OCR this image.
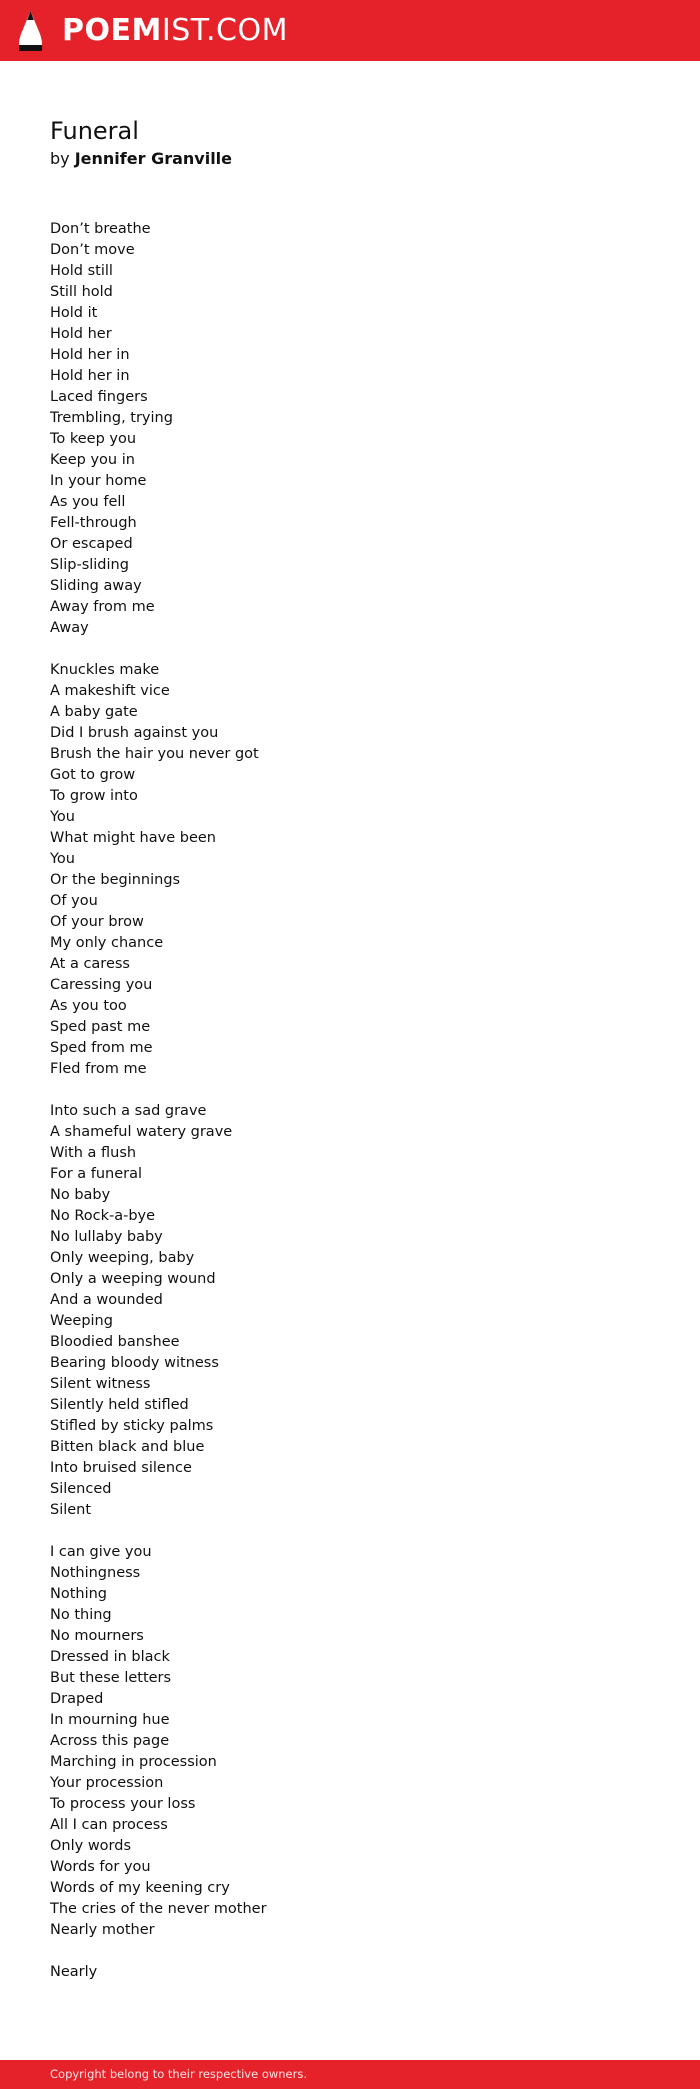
POEMIST.COM
Funeral
by Jennifer Granville
Don’t breathe
Don’t move
Hold still
Still hold
Hold it
Hold her
Hold her in
Hold her in
Laced fingers
Trembling, trying
To keep you
Keep you in
In your home
As you fell
Fell-through
Or escaped
Slip-sliding
Sliding away
Away from me
Away
Knuckles make
A makeshift vice
A baby gate
Did I brush against you
Brush the hair you never got
Got to grow
To grow into
You
What might have been
You
Or the beginnings
Of you
Of your brow
My only chance
At a caress
Caressing you
As you too
Sped past me
Sped from me
Fled from me
Into such a sad grave
A shameful watery grave
With a flush
For a funeral
No baby
No Rock-a-bye
No lullaby baby
Only weeping, baby
Only a weeping wound
And a wounded
Weeping
Bloodied banshee
Bearing bloody witness
Silent witness
Silently held stifled
Stifled by sticky palms
Bitten black and blue
Into bruised silence
Silenced
Silent
I can give you
Nothingness
Nothing
No thing
No mourners
Dressed in black
But these letters
Draped
In mourning hue
Across this page
Marching in procession
Your procession
To process your loss
All I can process
Only words
Words for you
Words of my keening cry
The cries of the never mother
Nearly mother
Nearly
Copyright belong to their respective owners.
